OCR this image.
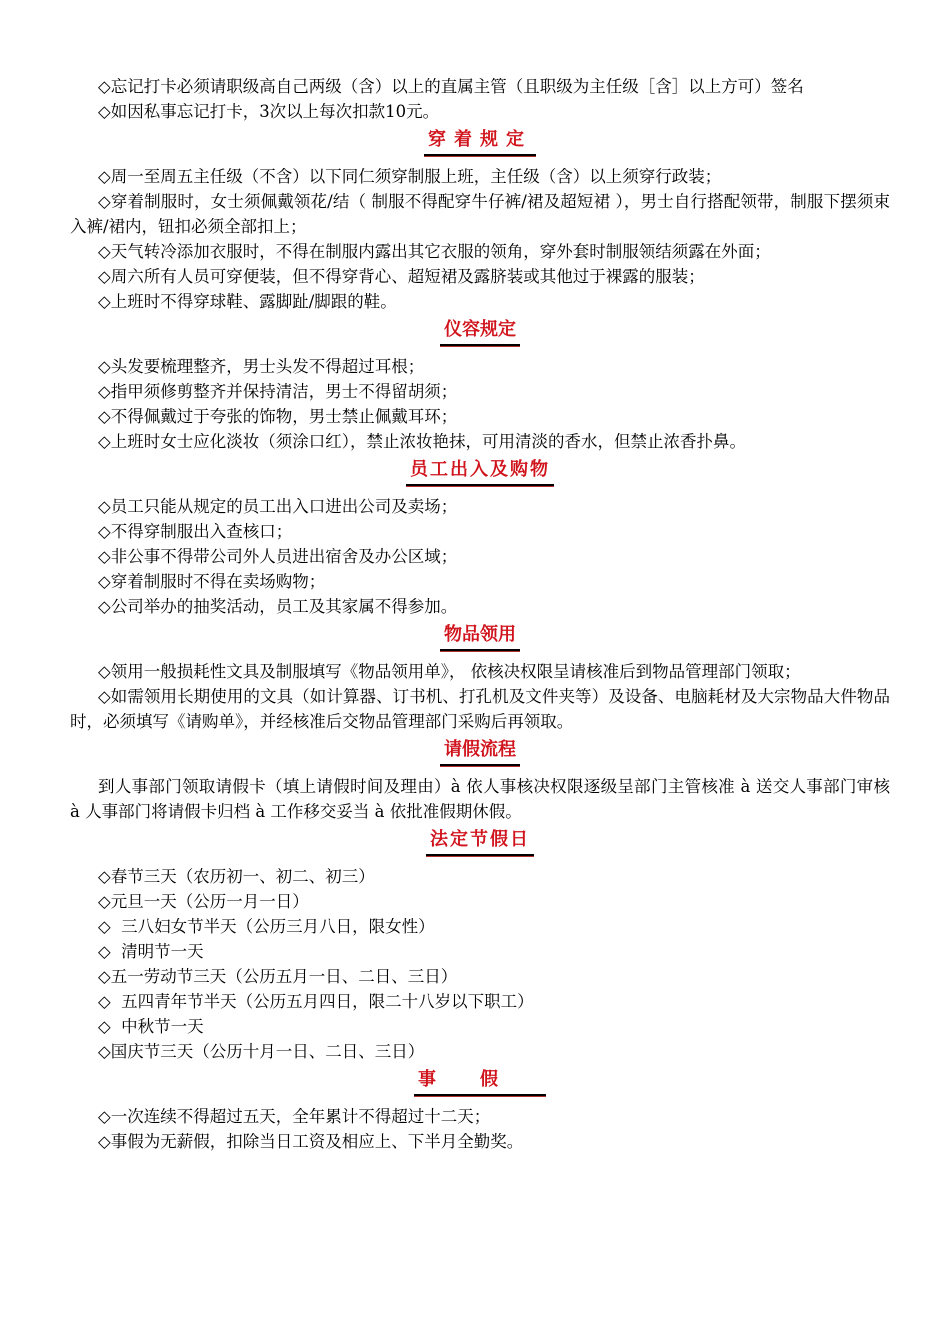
◇忘记打卡必须请职级高自己两级（含）以上的直属主管（且职级为主任级［含］以上方可）签名

◇如因私事忘记打卡，3次以上每次扣款10元。

穿着规定

◇周一至周五主任级（不含）以下同仁须穿制服上班，主任级（含）以上须穿行政装；

◇穿着制服时，女士须佩戴领花/结（ 制服不得配穿牛仔裤/裙及超短裙 ），男士自行搭配领带，制服下摆须束入裤/裙内，钮扣必须全部扣上；

◇天气转冷添加衣服时，不得在制服内露出其它衣服的领角，穿外套时制服领结须露在外面；

◇周六所有人员可穿便装，但不得穿背心、超短裙及露脐装或其他过于裸露的服装；

◇上班时不得穿球鞋、露脚趾/脚跟的鞋。

仪容规定

◇头发要梳理整齐，男士头发不得超过耳根；

◇指甲须修剪整齐并保持清洁，男士不得留胡须；

◇不得佩戴过于夸张的饰物，男士禁止佩戴耳环；

◇上班时女士应化淡妆（须涂口红），禁止浓妆艳抹，可用清淡的香水，但禁止浓香扑鼻。

员工出入及购物

◇员工只能从规定的员工出入口进出公司及卖场；

◇不得穿制服出入查核口；

◇非公事不得带公司外人员进出宿舍及办公区域；

◇穿着制服时不得在卖场购物；

◇公司举办的抽奖活动，员工及其家属不得参加。

物品领用

◇领用一般损耗性文具及制服填写《物品领用单》， 依核决权限呈请核准后到物品管理部门领取；

◇如需领用长期使用的文具（如计算器、订书机、打孔机及文件夹等）及设备、电脑耗材及大宗物品大件物品时，必须填写《请购单》，并经核准后交物品管理部门采购后再领取。

请假流程

到人事部门领取请假卡（填上请假时间及理由）à 依人事核决权限逐级呈部门主管核准 à 送交人事部门审核 à 人事部门将请假卡归档 à 工作移交妥当 à 依批准假期休假。

法定节假日

◇春节三天（农历初一、初二、初三）

◇元旦一天（公历一月一日）

◇  三八妇女节半天（公历三月八日，限女性）

◇  清明节一天

◇五一劳动节三天（公历五月一日、二日、三日）

◇  五四青年节半天（公历五月四日，限二十八岁以下职工）

◇  中秋节一天

◇国庆节三天（公历十月一日、二日、三日）

事假

◇一次连续不得超过五天，全年累计不得超过十二天；

◇事假为无薪假，扣除当日工资及相应上、下半月全勤奖。
